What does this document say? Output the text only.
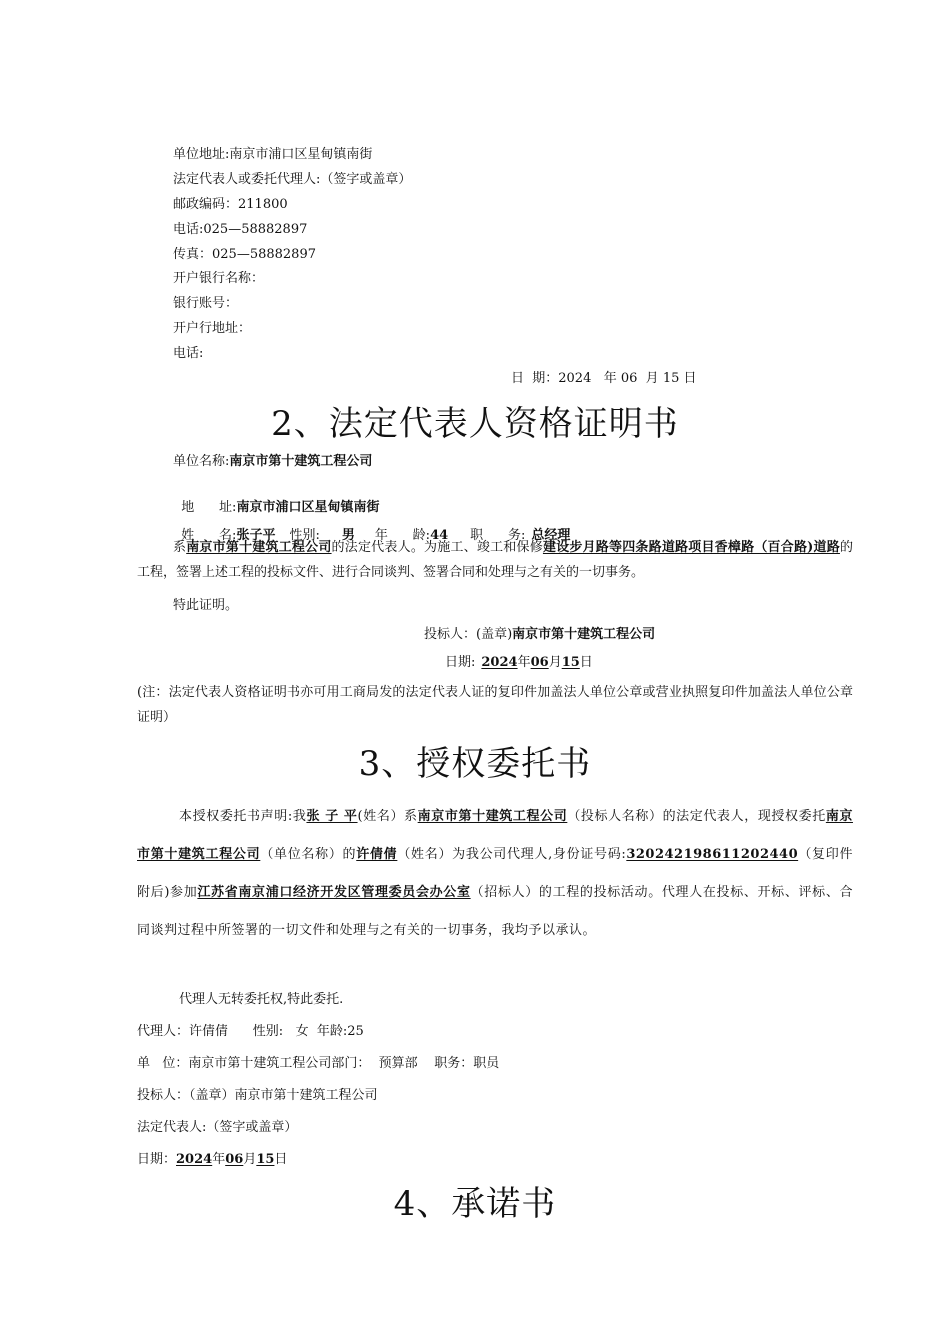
单位地址:南京市浦口区星甸镇南街
法定代表人或委托代理人:（签字或盖章）
邮政编码：211800
电话:025—58882897
传真：025—58882897
开户银行名称：
银行账号：
开户行地址：
电话:
日  期：2024   年 06  月 15 日
2、法定代表人资格证明书
单位名称:南京市第十建筑工程公司

地      址:南京市浦口区星甸镇南街

姓      名:张子平 性别: 男 年      龄:44 职      务: 总经理

系南京市第十建筑工程公司的法定代表人。为施工、竣工和保修建设步月路等四条路道路项目香樟路（百合路)道路的工程，签署上述工程的投标文件、进行合同谈判、签署合同和处理与之有关的一切事务。
特此证明。
投标人：(盖章)南京市第十建筑工程公司
日期: 2024年06月15日
(注：法定代表人资格证明书亦可用工商局发的法定代表人证的复印件加盖法人单位公章或营业执照复印件加盖法人单位公章证明）
3、授权委托书
本授权委托书声明:我张 子 平(姓名）系南京市第十建筑工程公司（投标人名称）的法定代表人，现授权委托南京市第十建筑工程公司（单位名称）的许倩倩（姓名）为我公司代理人,身份证号码:320242198611202440（复印件附后)参加江苏省南京浦口经济开发区管理委员会办公室（招标人）的工程的投标活动。代理人在投标、开标、评标、合同谈判过程中所签署的一切文件和处理与之有关的一切事务，我均予以承认。
代理人无转委托权,特此委托.
代理人：许倩倩      性别:   女  年龄:25
单   位：南京市第十建筑工程公司部门：  预算部    职务：职员
投标人：（盖章）南京市第十建筑工程公司
法定代表人:（签字或盖章）
日期：2024年06月15日
4、承诺书
